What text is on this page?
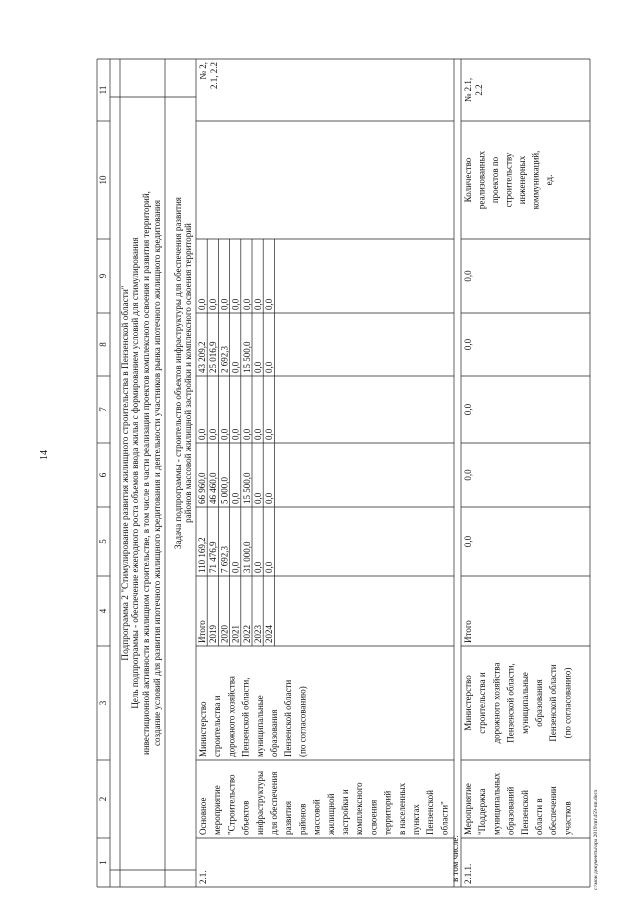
14
c:\мои документы\ора 2019\пп\459-пп.docx
1
2
3
4
5
6
7
8
9
10
11
Подпрограмма 2 "Стимулирование развития жилищного строительства в Пензенской области" Цель подпрограммы - обеспечение ежегодного роста объемов ввода жилья с формированием условий для стимулирования инвестиционной активности в жилищном строительстве, в том числе в части реализации проектов комплексного освоения и развития территорий, создание условий для развития ипотечного жилищного кредитования и деятельности участников рынка ипотечного жилищного кредитования Задача подпрограммы - строительство объектов инфраструктуры для обеспечения развития районов массовой жилищной застройки и комплексного освоения территорий
2.1.
Основное мероприятие "Строительство объектов инфраструктуры для обеспечения развития районов массовой жилищной застройки и комплексного освоения территорий в населенных пунктах Пензенской области"
Министерство строительства и дорожного хозяйства Пензенской области, муниципальные образования Пензенской области (по согласованию)
Итого
110 169,2
66 960,0
0,0
43 209,2
0,0
2019
71 476,9
46 460,0
0,0
25 016,9
0,0
2020
7 692,3
5 000,0
0,0
2 692,3
0,0
2021
0,0
0,0
0,0
0,0
0,0
2022
31 000,0
15 500,0
0,0
15 500,0
0,0
2023
0,0
0,0
0,0
0,0
0,0
2024
0,0
0,0
0,0
0,0
0,0
№ 2, 2.1, 2.2
в том числе: 2.1.1.
Мероприятие "Поддержка муниципальных образований Пензенской области в обеспечении участков
Министерство строительства и дорожного хозяйства Пензенской области, муниципальные образования Пензенской области (по согласованию)
Итого
0,0
0,0
0,0
0,0
0,0
Количество реализованных проектов по строительству инженерных коммуникаций, ед.
№ 2.1, 2.2
